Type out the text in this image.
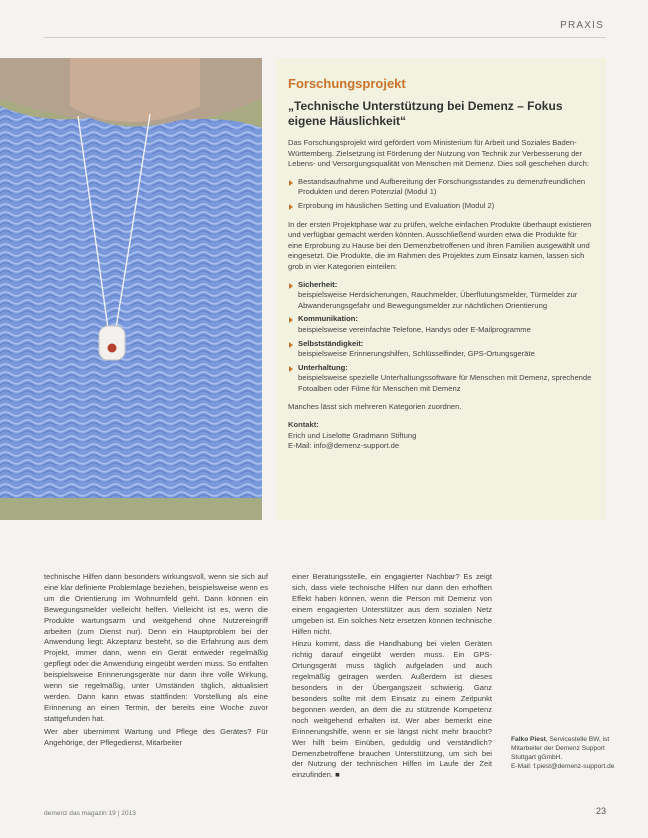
PRAXIS
Forschungsprojekt
„Technische Unterstützung bei Demenz – Fokus eigene Häuslichkeit“

Das Forschungsprojekt wird gefördert vom Ministerium für Arbeit und Soziales Baden-Württemberg. Zielsetzung ist Förderung der Nutzung von Technik zur Verbesserung der Lebens- und Versorgungsqualität von Menschen mit Demenz. Dies soll geschehen durch:

Bestandsaufnahme und Aufbereitung der Forschungsstandes zu demenzfreundlichen Produkten und deren Potenzial (Modul 1)
Erprobung im häuslichen Setting und Evaluation (Modul 2)

In der ersten Projektphase war zu prüfen, welche einfachen Produkte überhaupt existieren und verfügbar gemacht werden könnten. Ausschließend wurden etwa die Produkte für eine Erprobung zu Hause bei den Demenzbetroffenen und ihren Familien ausgewählt und eingesetzt. Die Produkte, die im Rahmen des Projektes zum Einsatz kamen, lassen sich grob in vier Kategorien einteilen:

Sicherheit:
beispielsweise Herdsicherungen, Rauchmelder, Überflutungsmelder, Türmelder zur Abwanderungsgefahr und Bewegungsmelder zur nächtlichen Orientierung
Kommunikation:
beispielsweise vereinfachte Telefone, Handys oder E-Mailprogramme
Selbstständigkeit:
beispielsweise Erinnerungshilfen, Schlüsselfinder, GPS-Ortungsgeräte
Unterhaltung:
beispielsweise spezielle Unterhaltungssoftware für Menschen mit Demenz, sprechende Fotoalben oder Filme für Menschen mit Demenz

Manches lässt sich mehreren Kategorien zuordnen.

Kontakt:
Erich und Liselotte Gradmann Stiftung
E-Mail: info@demenz-support.de

technische Hilfen dann besonders wirkungsvoll, wenn sie sich auf eine klar definierte Problemlage beziehen, beispielsweise wenn es um die Orientierung im Wohnumfeld geht. Dann können ein Bewegungsmelder vielleicht helfen. Vielleicht ist es, wenn die Produkte wartungsarm und weitgehend ohne Nutzereingriff arbeiten (zum Dienst nur). Denn ein Hauptproblem bei der Anwendung liegt: Akzeptanz besteht, so die Erfahrung aus dem Projekt, immer dann, wenn ein Gerät entweder regelmäßig gepflegt oder die Anwendung eingeübt werden muss. So entfalten beispielsweise Erinnerungsgeräte nur dann ihre volle Wirkung, wenn sie regelmäßig, unter Umständen täglich, aktualisiert werden. Dann kann etwas stattfinden: Vorstellung als eine Erinnerung an einen Termin, der bereits eine Woche zuvor stattgefunden hat.

Wer aber übernimmt Wartung und Pflege des Gerätes? Für Angehörige, der Pflegedienst, Mitarbeiter

einer Beratungsstelle, ein engagierter Nachbar? Es zeigt sich, dass viele technische Hilfen nur dann den erhofften Effekt haben können, wenn die Person mit Demenz von einem engagierten Unterstützer aus dem sozialen Netz umgeben ist. Ein solches Netz ersetzen können technische Hilfen nicht.

Hinzu kommt, dass die Handhabung bei vielen Geräten richtig darauf eingeübt werden muss. Ein GPS-Ortungsgerät muss täglich aufgeladen und auch regelmäßig getragen werden. Außerdem ist dieses besonders in der Übergangszeit schwierig. Ganz besonders sollte mit dem Einsatz zu einem Zeitpunkt begonnen werden, an dem die zu stützende Kompetenz noch weitgehend erhalten ist. Wer aber bemerkt eine Erinnerungshilfe, wenn er sie längst nicht mehr braucht? Wer hilft beim Einüben, geduldig und verständlich? Demenzbetroffene brauchen Unterstützung, um sich bei der Nutzung der technischen Hilfen im Laufe der Zeit einzufinden. ■

Falko Piest, Servicestelle BW, ist Mitarbeiter der Demenz Support Stuttgart gGmbH.
E-Mail: f.piest@demenz-support.de
demenz das magazin 19 | 2013	23
